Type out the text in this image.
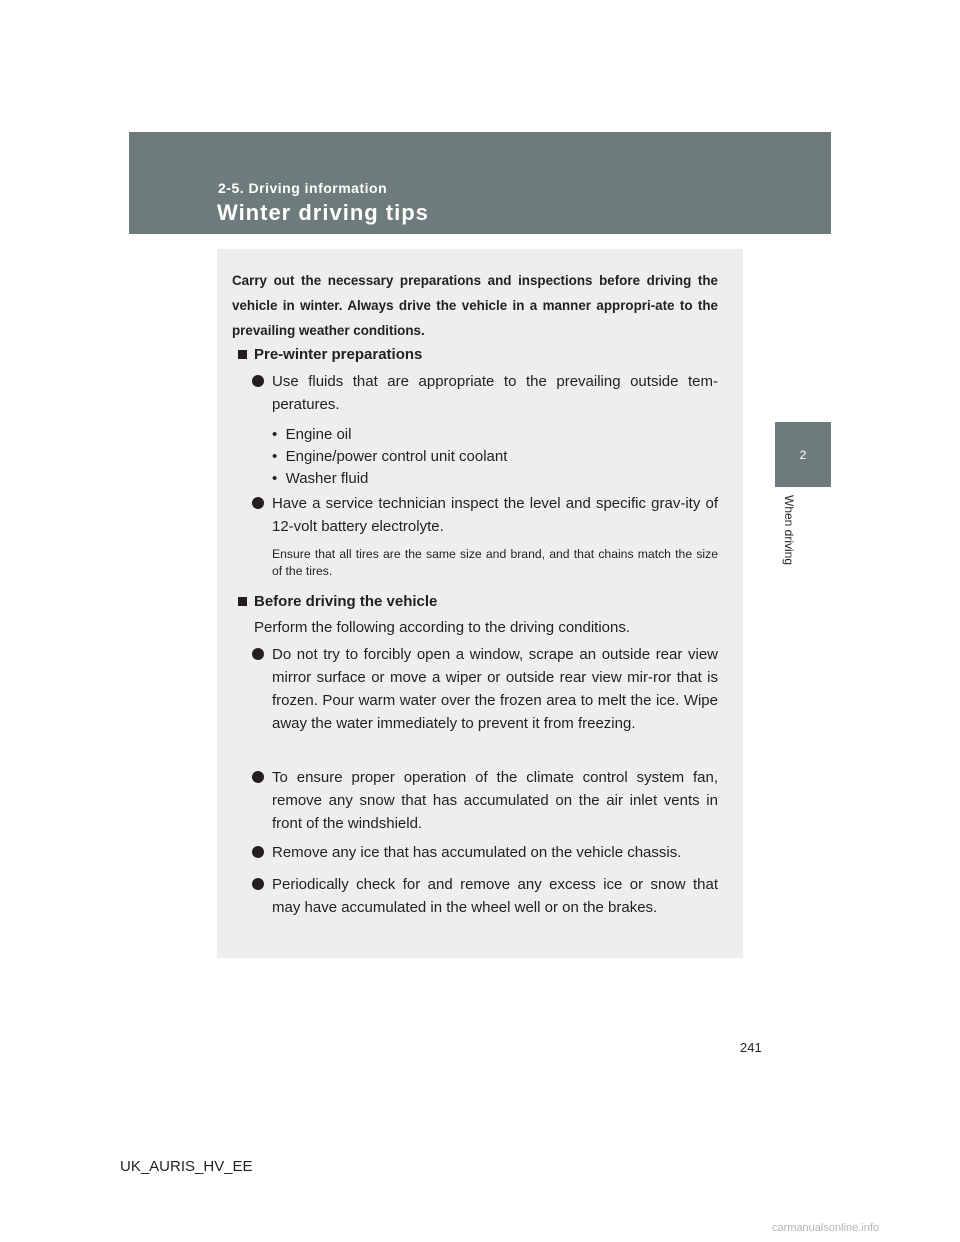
2-5. Driving information
Winter driving tips
2
When driving
Carry out the necessary preparations and inspections before driving the vehicle in winter. Always drive the vehicle in a manner appropri-ate to the prevailing weather conditions.
Pre-winter preparations
Use fluids that are appropriate to the prevailing outside tem-peratures.
•  Engine oil
•  Engine/power control unit coolant
•  Washer fluid
Have a service technician inspect the level and specific grav-ity of 12-volt battery electrolyte.
Ensure that all tires are the same size and brand, and that chains match the size of the tires.
Before driving the vehicle
Perform the following according to the driving conditions.
Do not try to forcibly open a window, scrape an outside rear view mirror surface or move a wiper or outside rear view mir-ror that is frozen. Pour warm water over the frozen area to melt the ice. Wipe away the water immediately to prevent it from freezing.
To ensure proper operation of the climate control system fan, remove any snow that has accumulated on the air inlet vents in front of the windshield.
Remove any ice that has accumulated on the vehicle chassis.
Periodically check for and remove any excess ice or snow that may have accumulated in the wheel well or on the brakes.
241
UK_AURIS_HV_EE
carmanualsonline.info
